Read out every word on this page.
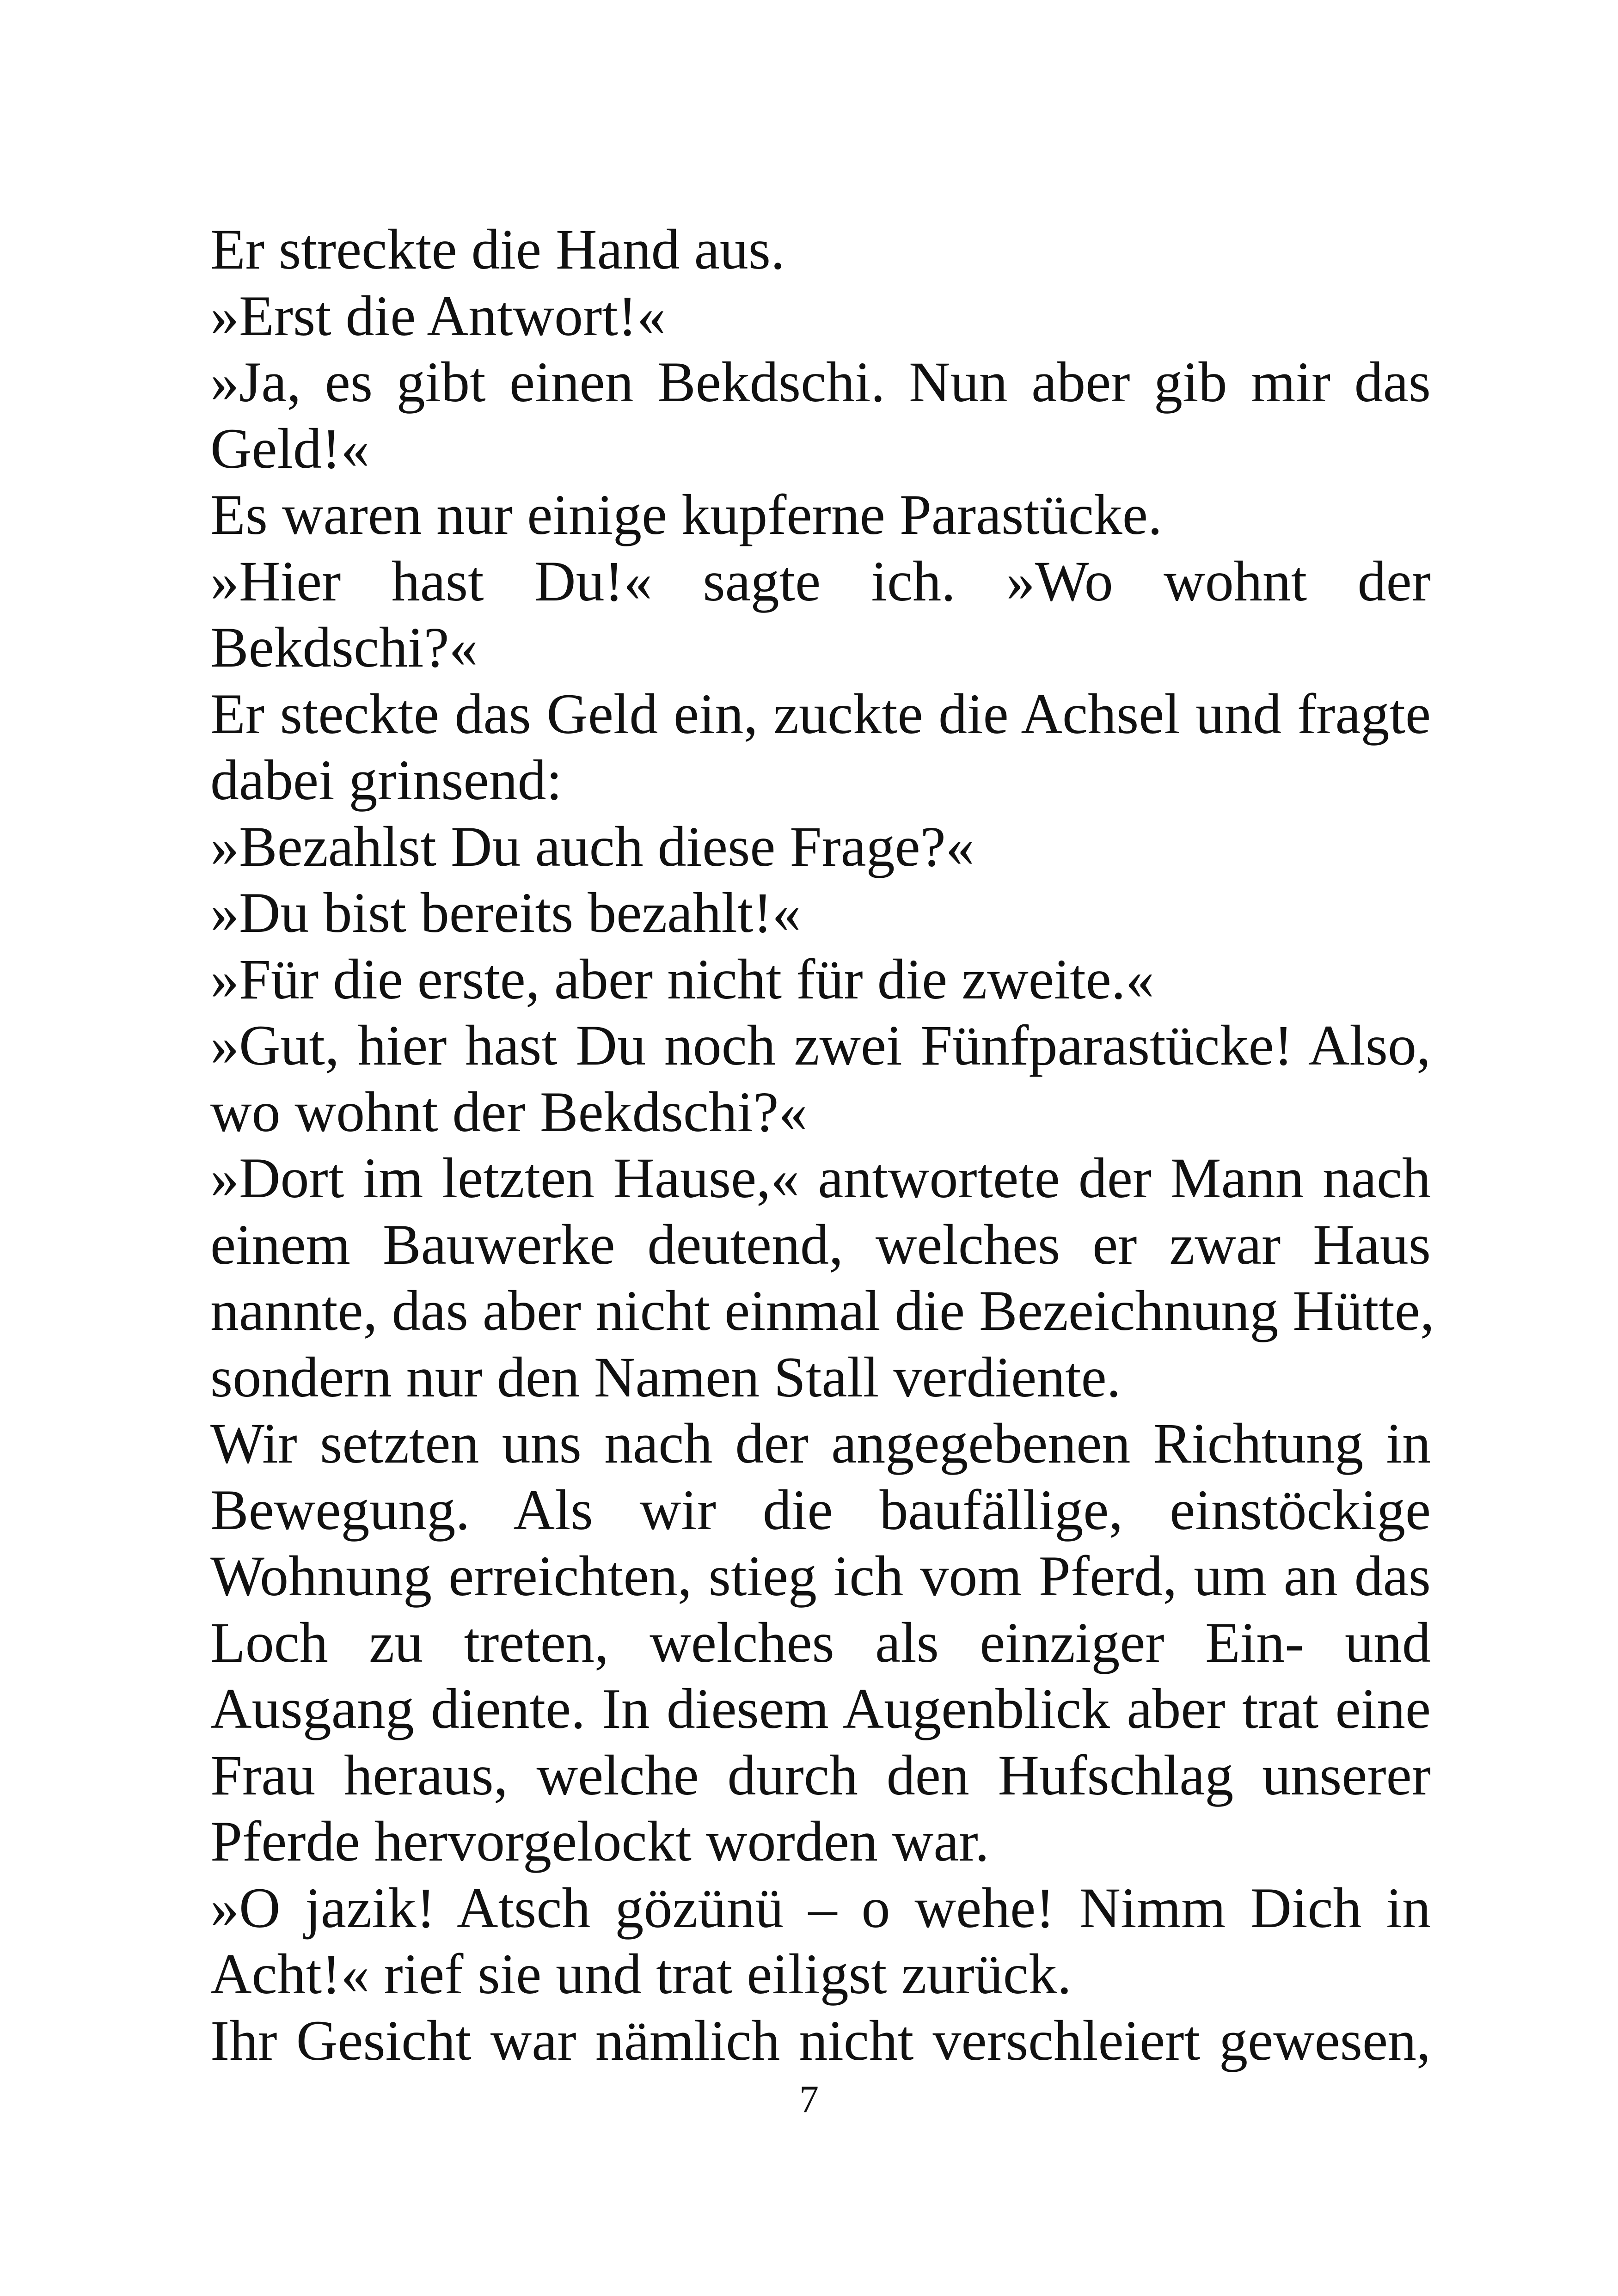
Er streckte die Hand aus.
»Erst die Antwort!«
»Ja, es gibt einen Bekdschi. Nun aber gib mir das
Geld!«
Es waren nur einige kupferne Parastücke.
»Hier hast Du!« sagte ich. »Wo wohnt der
Bekdschi?«
Er steckte das Geld ein, zuckte die Achsel und fragte
dabei grinsend:
»Bezahlst Du auch diese Frage?«
»Du bist bereits bezahlt!«
»Für die erste, aber nicht für die zweite.«
»Gut, hier hast Du noch zwei Fünfparastücke! Also,
wo wohnt der Bekdschi?«
»Dort im letzten Hause,« antwortete der Mann nach
einem Bauwerke deutend, welches er zwar Haus
nannte, das aber nicht einmal die Bezeichnung Hütte,
sondern nur den Namen Stall verdiente.
Wir setzten uns nach der angegebenen Richtung in
Bewegung. Als wir die baufällige, einstöckige
Wohnung erreichten, stieg ich vom Pferd, um an das
Loch zu treten, welches als einziger Ein- und
Ausgang diente. In diesem Augenblick aber trat eine
Frau heraus, welche durch den Hufschlag unserer
Pferde hervorgelockt worden war.
»O jazik! Atsch gözünü – o wehe! Nimm Dich in
Acht!« rief sie und trat eiligst zurück.
Ihr Gesicht war nämlich nicht verschleiert gewesen,
7
